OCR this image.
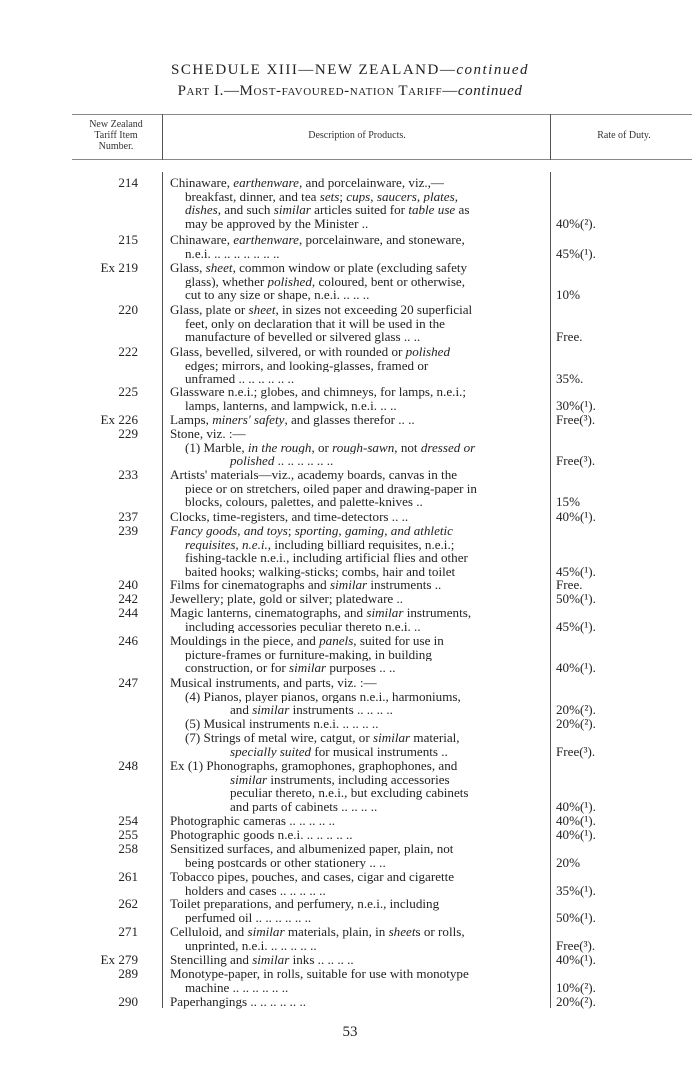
SCHEDULE XIII—NEW ZEALAND—continued
Part I.—Most-favoured-nation Tariff—continued
New Zealand
Tariff Item
Number.
Description of Products.	Rate of Duty.
214 Chinaware, earthenware, and porcelainware, viz.,—
breakfast, dinner, and tea sets; cups, saucers, plates,
dishes, and such similar articles suited for table use as
may be approved by the Minister ..	40%(²).
215 Chinaware, earthenware, porcelainware, and stoneware,
n.e.i. .. .. .. .. .. .. ..	45%(¹).
Ex 219 Glass, sheet, common window or plate (excluding safety
glass), whether polished, coloured, bent or otherwise,
cut to any size or shape, n.e.i. .. .. ..	10%
220 Glass, plate or sheet, in sizes not exceeding 20 superficial
feet, only on declaration that it will be used in the
manufacture of bevelled or silvered glass .. ..	Free.
222 Glass, bevelled, silvered, or with rounded or polished
edges; mirrors, and looking-glasses, framed or
unframed .. .. .. .. .. ..	35%.
225 Glassware n.e.i.; globes, and chimneys, for lamps, n.e.i.;
lamps, lanterns, and lampwick, n.e.i. .. ..	30%(¹).
Ex 226 Lamps, miners' safety, and glasses therefor .. ..	Free(³).
229 Stone, viz. :—
(1) Marble, in the rough, or rough-sawn, not dressed or
polished .. .. .. .. .. ..	Free(³).
233 Artists' materials—viz., academy boards, canvas in the
piece or on stretchers, oiled paper and drawing-paper in
blocks, colours, palettes, and palette-knives ..	15%
237 Clocks, time-registers, and time-detectors .. ..	40%(¹).
239 Fancy goods, and toys; sporting, gaming, and athletic
requisites, n.e.i., including billiard requisites, n.e.i.;
fishing-tackle n.e.i., including artificial flies and other
baited hooks; walking-sticks; combs, hair and toilet	45%(¹).
240 Films for cinematographs and similar instruments ..	Free.
242 Jewellery; plate, gold or silver; platedware ..	50%(¹).
244 Magic lanterns, cinematographs, and similar instruments,
including accessories peculiar thereto n.e.i. ..	45%(¹).
246 Mouldings in the piece, and panels, suited for use in
picture-frames or furniture-making, in building
construction, or for similar purposes .. ..	40%(¹).
247 Musical instruments, and parts, viz. :—
(4) Pianos, player pianos, organs n.e.i., harmoniums,
and similar instruments .. .. .. ..	20%(²).
(5) Musical instruments n.e.i. .. .. .. ..	20%(²).
(7) Strings of metal wire, catgut, or similar material,
specially suited for musical instruments ..	Free(³).
248 Ex (1) Phonographs, gramophones, graphophones, and
similar instruments, including accessories
peculiar thereto, n.e.i., but excluding cabinets
and parts of cabinets .. .. .. ..	40%(¹).
254 Photographic cameras .. .. .. .. ..	40%(¹).
255 Photographic goods n.e.i. .. .. .. .. ..	40%(¹).
258 Sensitized surfaces, and albumenized paper, plain, not
being postcards or other stationery .. ..	20%
261 Tobacco pipes, pouches, and cases, cigar and cigarette
holders and cases .. .. .. .. ..	35%(¹).
262 Toilet preparations, and perfumery, n.e.i., including
perfumed oil .. .. .. .. .. ..	50%(¹).
271 Celluloid, and similar materials, plain, in sheets or rolls,
unprinted, n.e.i. .. .. .. .. ..	Free(³).
Ex 279 Stencilling and similar inks .. .. .. ..	40%(¹).
289 Monotype-paper, in rolls, suitable for use with monotype
machine .. .. .. .. .. ..	10%(²).
290 Paperhangings .. .. .. .. .. ..	20%(²).
53
